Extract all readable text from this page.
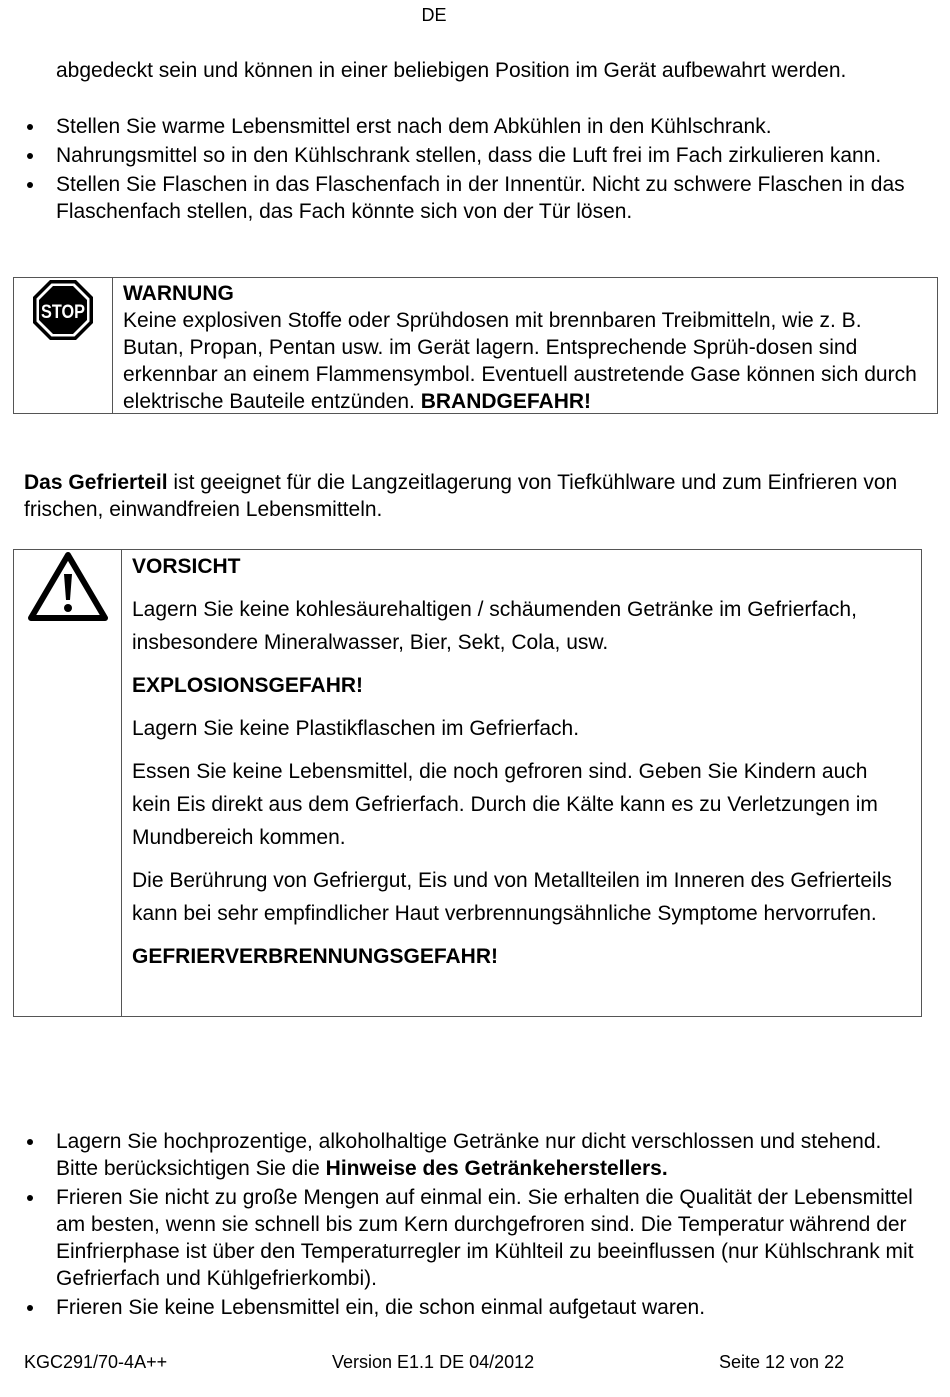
DE

abgedeckt sein und können in einer beliebigen Position im Gerät aufbewahrt werden.

Stellen Sie warme Lebensmittel erst nach dem Abkühlen in den Kühlschrank.
Nahrungsmittel so in den Kühlschrank stellen, dass die Luft frei im Fach zirkulieren kann.
Stellen Sie Flaschen in das Flaschenfach in der Innentür. Nicht zu schwere Flaschen in das Flaschenfach stellen, das Fach könnte sich von der Tür lösen.
STOP
WARNUNG
Keine explosiven Stoffe oder Sprühdosen mit brennbaren Treibmitteln, wie z. B. Butan, Propan, Pentan usw. im Gerät lagern. Entsprechende Sprüh-dosen sind erkennbar an einem Flammensymbol. Eventuell austretende Gase können sich durch elektrische Bauteile entzünden. BRANDGEFAHR!

Das Gefrierteil ist geeignet für die Langzeitlagerung von Tiefkühlware und zum Einfrieren von frischen, einwandfreien Lebensmitteln.

VORSICHT

Lagern Sie keine kohlesäurehaltigen / schäumenden Getränke im Gefrierfach, insbesondere Mineralwasser, Bier, Sekt, Cola, usw.

EXPLOSIONSGEFAHR!

Lagern Sie keine Plastikflaschen im Gefrierfach.

Essen Sie keine Lebensmittel, die noch gefroren sind. Geben Sie Kindern auch kein Eis direkt aus dem Gefrierfach. Durch die Kälte kann es zu Verletzungen im Mundbereich kommen.

Die Berührung von Gefriergut, Eis und von Metallteilen im Inneren des Gefrierteils kann bei sehr empfindlicher Haut verbrennungsähnliche Symptome hervorrufen.

GEFRIERVERBRENNUNGSGEFAHR!

Lagern Sie hochprozentige, alkoholhaltige Getränke nur dicht verschlossen und stehend. Bitte berücksichtigen Sie die Hinweise des Getränkeherstellers.
Frieren Sie nicht zu große Mengen auf einmal ein. Sie erhalten die Qualität der Lebensmittel am besten, wenn sie schnell bis zum Kern durchgefroren sind. Die Temperatur während der Einfrierphase ist über den Temperaturregler im Kühlteil zu beeinflussen (nur Kühlschrank mit Gefrierfach und Kühlgefrierkombi).
Frieren Sie keine Lebensmittel ein, die schon einmal aufgetaut waren.
KGC291/70-4A++	Version E1.1 DE 04/2012	Seite 12 von 22
